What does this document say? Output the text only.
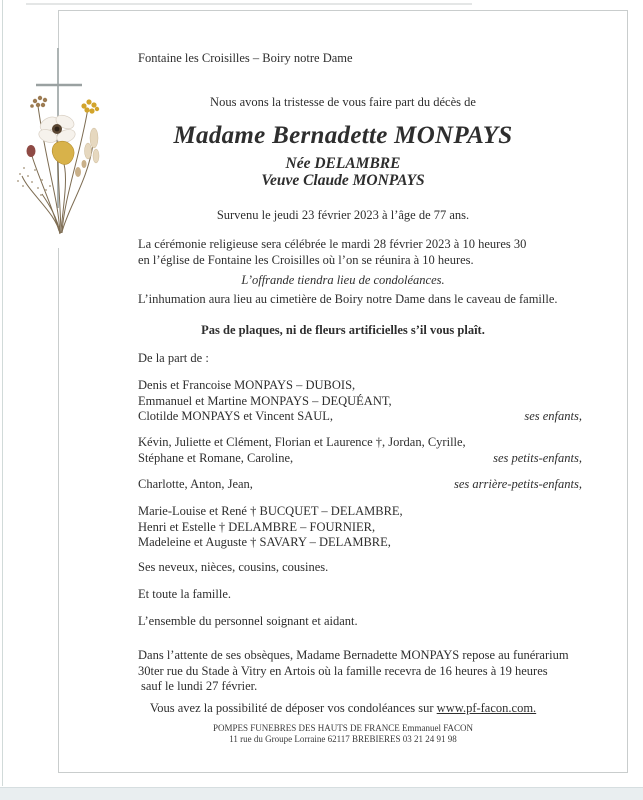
Fontaine les Croisilles – Boiry notre Dame
Nous avons la tristesse de vous faire part du décès de
Madame Bernadette MONPAYS
Née DELAMBRE
Veuve Claude MONPAYS
Survenu le jeudi 23 février 2023 à l’âge de 77 ans.
La cérémonie religieuse sera célébrée le mardi 28 février 2023 à 10 heures 30
en l’église de Fontaine les Croisilles où l’on se réunira à 10 heures.
L’offrande tiendra lieu de condoléances.
L’inhumation aura lieu au cimetière de Boiry notre Dame dans le caveau de famille.
Pas de plaques, ni de fleurs artificielles s’il vous plaît.
De la part de :
Denis et Francoise MONPAYS – DUBOIS,
Emmanuel et Martine MONPAYS – DEQUÉANT,
Clotilde MONPAYS et Vincent SAUL,	ses enfants,
Kévin, Juliette et Clément, Florian et Laurence †, Jordan, Cyrille,
Stéphane et Romane, Caroline,	ses petits-enfants,
Charlotte, Anton, Jean,	ses arrière-petits-enfants,
Marie-Louise et René † BUCQUET – DELAMBRE,
Henri et Estelle † DELAMBRE – FOURNIER,
Madeleine et Auguste † SAVARY – DELAMBRE,
Ses neveux, nièces, cousins, cousines.
Et toute la famille.
L’ensemble du personnel soignant et aidant.
Dans l’attente de ses obsèques, Madame Bernadette MONPAYS repose au funérarium
30ter rue du Stade à Vitry en Artois où la famille recevra de 16 heures à 19 heures
sauf le lundi 27 février.
Vous avez la possibilité de déposer vos condoléances sur www.pf-facon.com.
POMPES FUNEBRES DES HAUTS DE FRANCE Emmanuel FACON
11 rue du Groupe Lorraine 62117 BREBIERES 03 21 24 91 98
